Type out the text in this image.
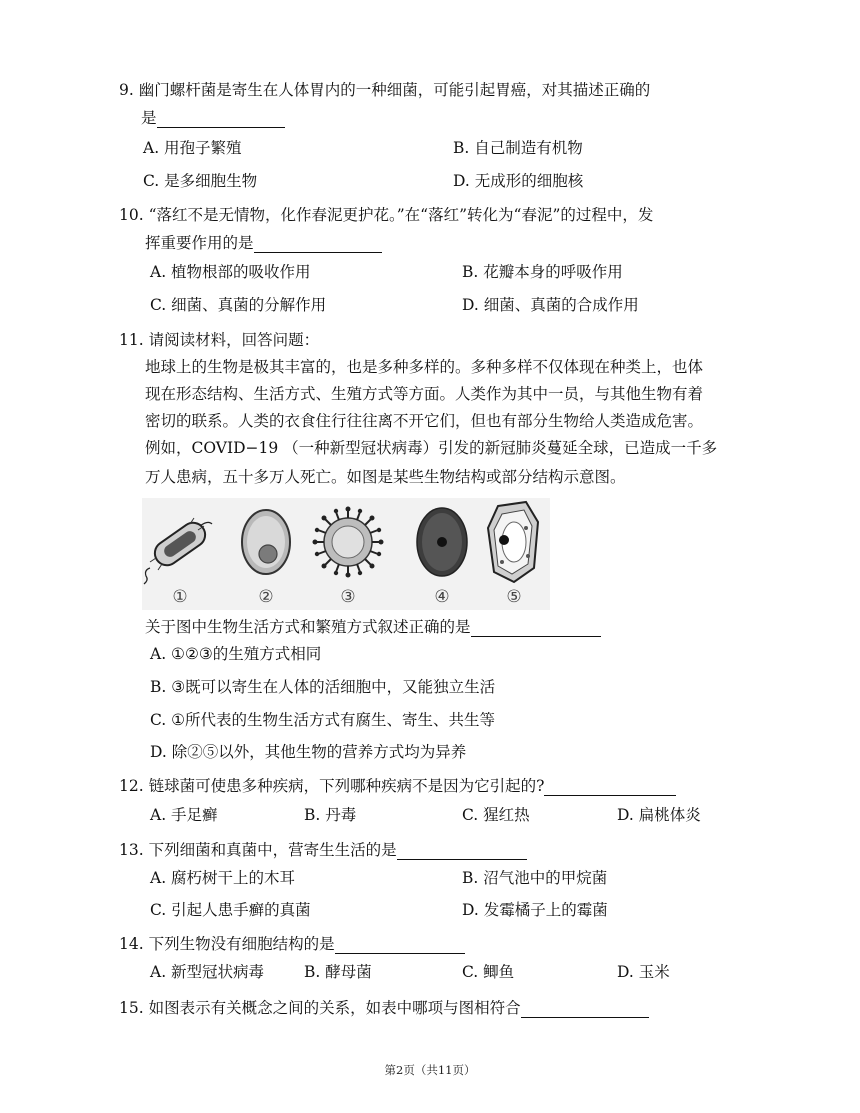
9. 幽门螺杆菌是寄生在人体胃内的一种细菌，可能引起胃癌，对其描述正确的
是
A. 用孢子繁殖	B. 自己制造有机物
C. 是多细胞生物	D. 无成形的细胞核
10. “落红不是无情物，化作春泥更护花。”在“落红”转化为“春泥”的过程中，发
挥重要作用的是
A. 植物根部的吸收作用	B. 花瓣本身的呼吸作用
C. 细菌、真菌的分解作用	D. 细菌、真菌的合成作用
11. 请阅读材料，回答问题：
地球上的生物是极其丰富的，也是多种多样的。多种多样不仅体现在种类上，也体
现在形态结构、生活方式、生殖方式等方面。人类作为其中一员，与其他生物有着
密切的联系。人类的衣食住行往往离不开它们，但也有部分生物给人类造成危害。
例如，COVID−19 （一种新型冠状病毒）引发的新冠肺炎蔓延全球，已造成一千多
万人患病，五十多万人死亡。如图是某些生物结构或部分结构示意图。
①	②	③	④	⑤
关于图中生物生活方式和繁殖方式叙述正确的是
A. ①②③的生殖方式相同
B. ③既可以寄生在人体的活细胞中，又能独立生活
C. ①所代表的生物生活方式有腐生、寄生、共生等
D. 除②⑤以外，其他生物的营养方式均为异养
12. 链球菌可使患多种疾病，下列哪种疾病不是因为它引起的?
A. 手足癣	B. 丹毒	C. 猩红热	D. 扁桃体炎
13. 下列细菌和真菌中，营寄生生活的是
A. 腐朽树干上的木耳	B. 沼气池中的甲烷菌
C. 引起人患手癣的真菌	D. 发霉橘子上的霉菌
14. 下列生物没有细胞结构的是
A. 新型冠状病毒	B. 酵母菌	C. 鲫鱼	D. 玉米
15. 如图表示有关概念之间的关系，如表中哪项与图相符合
第2页（共11页）
